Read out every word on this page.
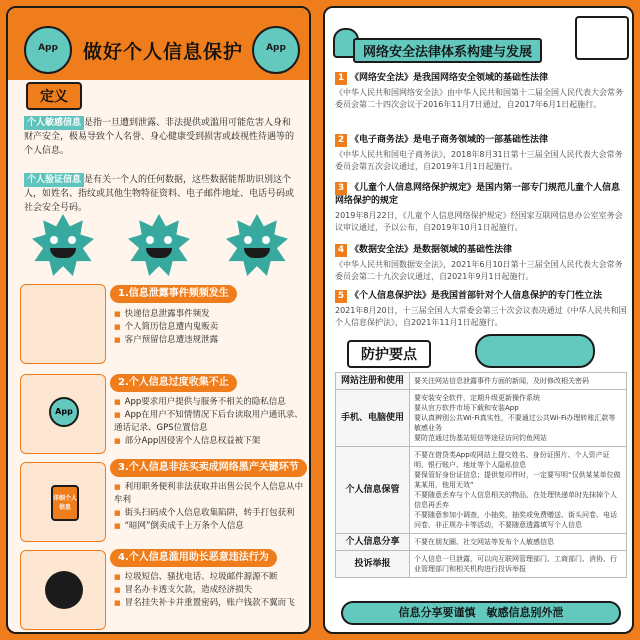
App	App
做好个人信息保护
定义
个人敏感信息 是指一旦遭到泄露、非法提供或滥用可能危害人身和财产安全，极易导致个人名誉、身心健康受到损害或歧视性待遇等的个人信息。
个人验证信息 是有关一个人的任何数据，这些数据能帮助识别这个人，如姓名、指纹或其他生物特征资料、电子邮件地址、电话号码或社会安全号码。
1.信息泄露事件频频发生
■ 快递信息泄露事件频发
■ 个人简历信息遭内鬼贩卖
■ 客户预留信息遭违规泄露
App
2.个人信息过度收集不止
■ App要求用户提供与服务不相关的隐私信息
■ App在用户不知情情况下后台读取用户通讯录、通话记录、GPS位置信息
■ 部分App因侵害个人信息权益被下架
详细个人信息
3.个人信息非法买卖成网络黑产关键环节
■ 利用职务便利非法获取并出售公民个人信息从中牟利
■ 街头扫码成个人信息收集陷阱，转手打包获利
■ “暗网”倒卖成千上万条个人信息
4.个人信息滥用助长恶意违法行为
■ 垃圾短信、骚扰电话、垃圾邮件源源不断
■ 冒名办卡透支欠款，造成经济损失
■ 冒名挂失补卡并重置密码，账户钱款不翼而飞
网络安全法律体系构建与发展
1 《网络安全法》是我国网络安全领域的基础性法律
《中华人民共和国网络安全法》由中华人民共和国第十二届全国人民代表大会常务委员会第二十四次会议于2016年11月7日通过，自2017年6月1日起施行。
2 《电子商务法》是电子商务领域的一部基础性法律
《中华人民共和国电子商务法》，2018年8月31日第十三届全国人民代表大会常务委员会第五次会议通过，自2019年1月1日起施行。
3 《儿童个人信息网络保护规定》是国内第一部专门规范儿童个人信息网络保护的规定
2019年8月22日，《儿童个人信息网络保护规定》经国家互联网信息办公室室务会议审议通过，予以公布，自2019年10月1日起施行。
4 《数据安全法》是数据领域的基础性法律
《中华人民共和国数据安全法》，2021年6月10日第十三届全国人民代表大会常务委员会第二十九次会议通过，自2021年9月1日起施行。
5 《个人信息保护法》是我国首部针对个人信息保护的专门性立法
2021年8月20日，十三届全国人大常委会第三十次会议表决通过《中华人民共和国个人信息保护法》，自2021年11月1日起施行。
防护要点
网站注册和使用	要关注网站信息泄露事件方面的新闻，及时修改相关密码

手机、电脑使用	要安装安全软件，定期升级更新操作系统
要从官方软件市场下载和安装App
要认真辨别公共Wi-Fi真实性，不要通过公共Wi-Fi办理转账汇款等敏感业务
要防范通过伪基站短信等途径访问钓鱼网站

个人信息保管	不要在借贷类App或网站上提交姓名、身份证照片、个人资产证明、银行账户、地址等个人隐私信息
要保管好身份证信息；提供复印件时，一定要写明“仅供某某单位做某某用，他用无效”
不要随意丢弃与个人信息相关的物品，在处理快递单时先抹掉个人信息再丢弃
不要随意参加小调查，小抽奖，抽奖或免费赠送、街头问卷、电话问卷、非正规办卡等活动，不要随意透露填写个人信息

个人信息分享	不要在朋友圈、社交网站等发布个人敏感信息

投诉举报	个人信息一旦泄露，可以向互联网管理部门、工商部门、消协、行业管理部门和相关机构进行投诉举报
信息分享要谨慎　敏感信息别外泄
